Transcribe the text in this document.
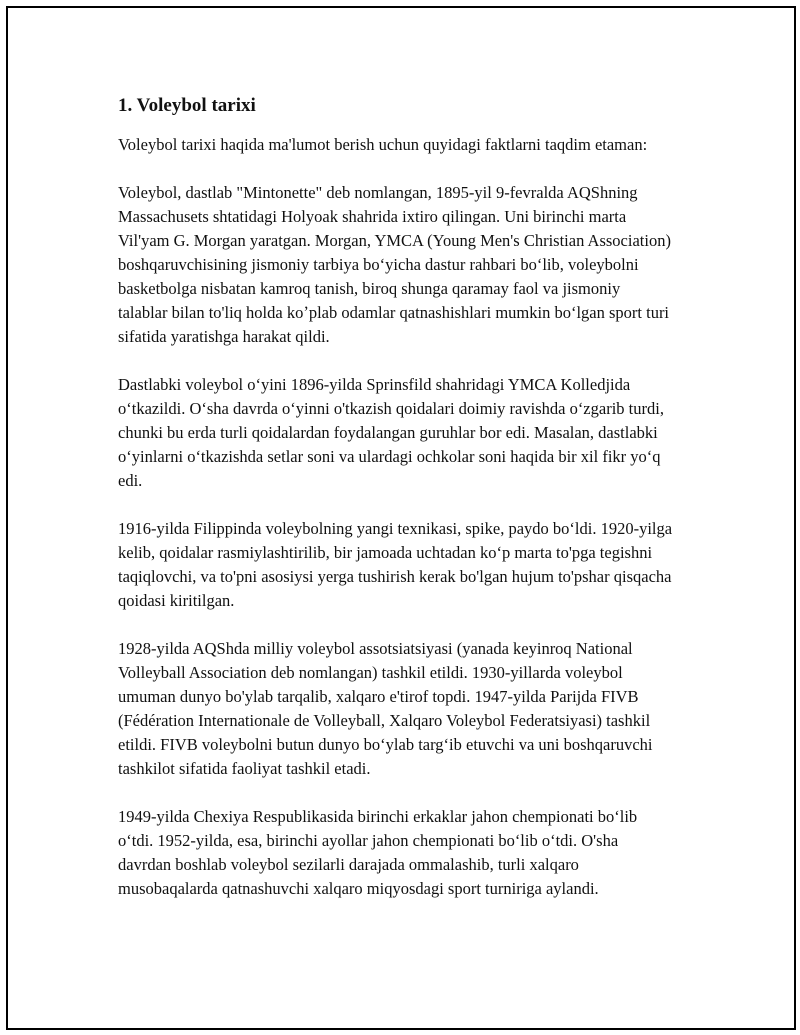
1. Voleybol tarixi

Voleybol tarixi haqida ma'lumot berish uchun quyidagi faktlarni taqdim etaman:

Voleybol, dastlab "Mintonette" deb nomlangan, 1895-yil 9-fevralda AQShning Massachusets shtatidagi Holyoak shahrida ixtiro qilingan. Uni birinchi marta Vil'yam G. Morgan yaratgan. Morgan, YMCA (Young Men's Christian Association) boshqaruvchisining jismoniy tarbiya boʻyicha dastur rahbari boʻlib, voleybolni basketbolga nisbatan kamroq tanish, biroq shunga qaramay faol va jismoniy talablar bilan to'liq holda koʼplab odamlar qatnashishlari mumkin boʻlgan sport turi sifatida yaratishga harakat qildi.

Dastlabki voleybol oʻyini 1896-yilda Sprinsfild shahridagi YMCA Kolledjida oʻtkazildi. Oʻsha davrda oʻyinni o'tkazish qoidalari doimiy ravishda oʻzgarib turdi, chunki bu erda turli qoidalardan foydalangan guruhlar bor edi. Masalan, dastlabki oʻyinlarni oʻtkazishda setlar soni va ulardagi ochkolar soni haqida bir xil fikr yoʻq edi.

1916-yilda Filippinda voleybolning yangi texnikasi, spike, paydo boʻldi. 1920-yilga kelib, qoidalar rasmiylashtirilib, bir jamoada uchtadan koʻp marta to'pga tegishni taqiqlovchi, va to'pni asosiysi yerga tushirish kerak bo'lgan hujum to'pshar qisqacha qoidasi kiritilgan.

1928-yilda AQShda milliy voleybol assotsiatsiyasi (yanada keyinroq National Volleyball Association deb nomlangan) tashkil etildi. 1930-yillarda voleybol umuman dunyo bo'ylab tarqalib, xalqaro e'tirof topdi. 1947-yilda Parijda FIVB (Fédération Internationale de Volleyball, Xalqaro Voleybol Federatsiyasi) tashkil etildi. FIVB voleybolni butun dunyo boʻylab targʻib etuvchi va uni boshqaruvchi tashkilot sifatida faoliyat tashkil etadi.

1949-yilda Chexiya Respublikasida birinchi erkaklar jahon chempionati boʻlib oʻtdi. 1952-yilda, esa, birinchi ayollar jahon chempionati boʻlib oʻtdi. O'sha davrdan boshlab voleybol sezilarli darajada ommalashib, turli xalqaro musobaqalarda qatnashuvchi xalqaro miqyosdagi sport turniriga aylandi.
